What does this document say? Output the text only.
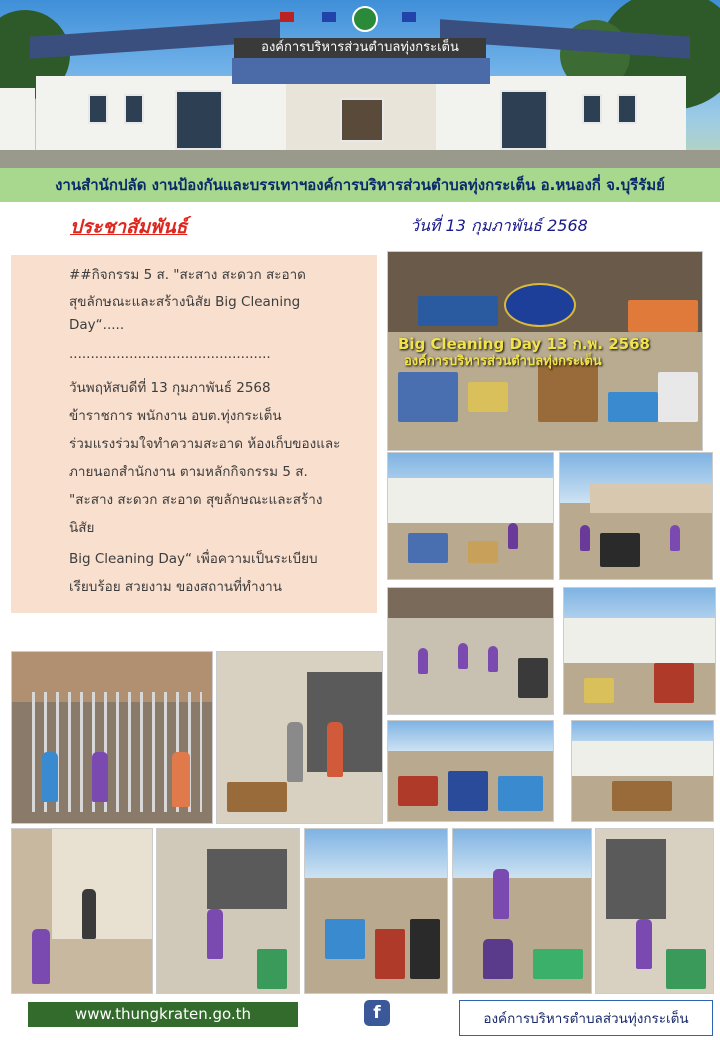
องค์การบริหารส่วนตำบลทุ่งกระเต็น
งานสำนักปลัด งานป้องกันและบรรเทาฯองค์การบริหารส่วนตำบลทุ่งกระเต็น อ.หนองกี่ จ.บุรีรัมย์
ประชาสัมพันธ์	วันที่ 13 กุมภาพันธ์ 2568
##กิจกรรม 5 ส. "สะสาง สะดวก สะอาด
สุขลักษณะและสร้างนิสัย Big Cleaning
Day“.....
...............................................
วันพฤหัสบดีที่ 13 กุมภาพันธ์ 2568
ข้าราชการ พนักงาน อบต.ทุ่งกระเต็น
ร่วมแรงร่วมใจทำความสะอาด ห้องเก็บของและ
ภายนอกสำนักงาน ตามหลักกิจกรรม 5 ส.
"สะสาง สะดวก สะอาด สุขลักษณะและสร้าง
นิสัย
Big Cleaning Day“ เพื่อความเป็นระเบียบ
เรียบร้อย สวยงาม ของสถานที่ทำงาน
Big Cleaning Day 13 ก.พ. 2568
องค์การบริหารส่วนตำบลทุ่งกระเต็น
www.thungkraten.go.th	f	องค์การบริหารตำบลส่วนทุ่งกระเต็น
